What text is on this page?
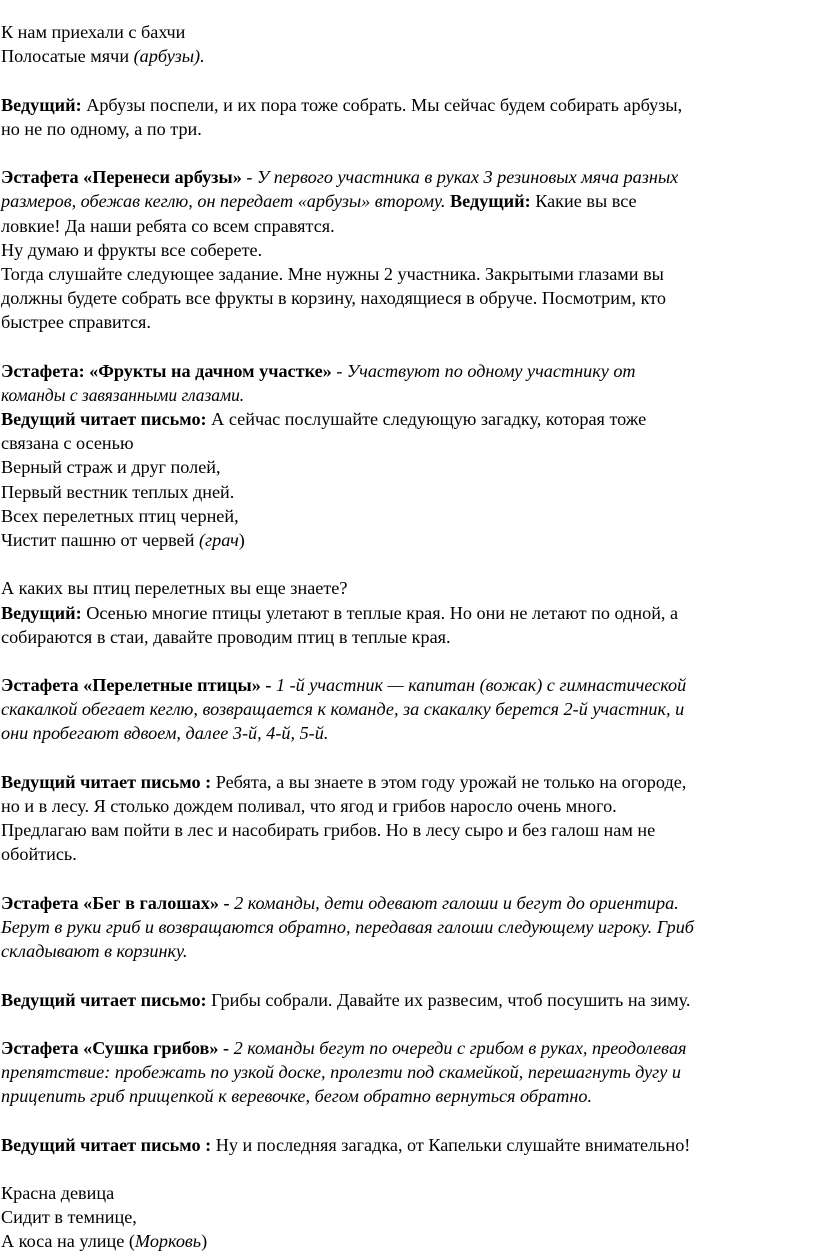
К нам приехали с бахчи
Полосатые мячи (арбузы).
Ведущий: Арбузы поспели, и их пора тоже собрать. Мы сейчас будем собирать арбузы,
но не по одному, а по три.
Эстафета «Перенеси арбузы» - У первого участника в руках 3 резиновых мяча разных
размеров, обежав кеглю, он передает «арбузы» второму. Ведущий: Какие вы все
ловкие! Да наши ребята со всем справятся.
Ну думаю и фрукты все соберете.
Тогда слушайте следующее задание. Мне нужны 2 участника. Закрытыми глазами вы
должны будете собрать все фрукты в корзину, находящиеся в обруче. Посмотрим, кто
быстрее справится.
Эстафета: «Фрукты на дачном участке» - Участвуют по одному участнику от
команды с завязанными глазами.
Ведущий читает письмо: А сейчас послушайте следующую загадку, которая тоже
связана с осенью
Верный страж и друг полей,
Первый вестник теплых дней.
Всех перелетных птиц черней,
Чистит пашню от червей (грач)
А каких вы птиц перелетных вы еще знаете?
Ведущий: Осенью многие птицы улетают в теплые края. Но они не летают по одной, а
собираются в стаи, давайте проводим птиц в теплые края.
Эстафета «Перелетные птицы» - 1 -й участник — капитан (вожак) с гимнастической
скакалкой обегает кеглю, возвращается к команде, за скакалку берется 2-й участник, и
они пробегают вдвоем, далее 3-й, 4-й, 5-й.
Ведущий читает письмо : Ребята, а вы знаете в этом году урожай не только на огороде,
но и в лесу. Я столько дождем поливал, что ягод и грибов наросло очень много.
Предлагаю вам пойти в лес и насобирать грибов. Но в лесу сыро и без галош нам не
обойтись.
Эстафета «Бег в галошах» - 2 команды, дети одевают галоши и бегут до ориентира.
Берут в руки гриб и возвращаются обратно, передавая галоши следующему игроку. Гриб
складывают в корзинку.
Ведущий читает письмо: Грибы собрали. Давайте их развесим, чтоб посушить на зиму.
Эстафета «Сушка грибов» - 2 команды бегут по очереди с грибом в руках, преодолевая
препятствие: пробежать по узкой доске, пролезти под скамейкой, перешагнуть дугу и
прицепить гриб прищепкой к веревочке, бегом обратно вернуться обратно.
Ведущий читает письмо : Ну и последняя загадка, от Капельки слушайте внимательно!
Красна девица
Сидит в темнице,
А коса на улице (Морковь)
